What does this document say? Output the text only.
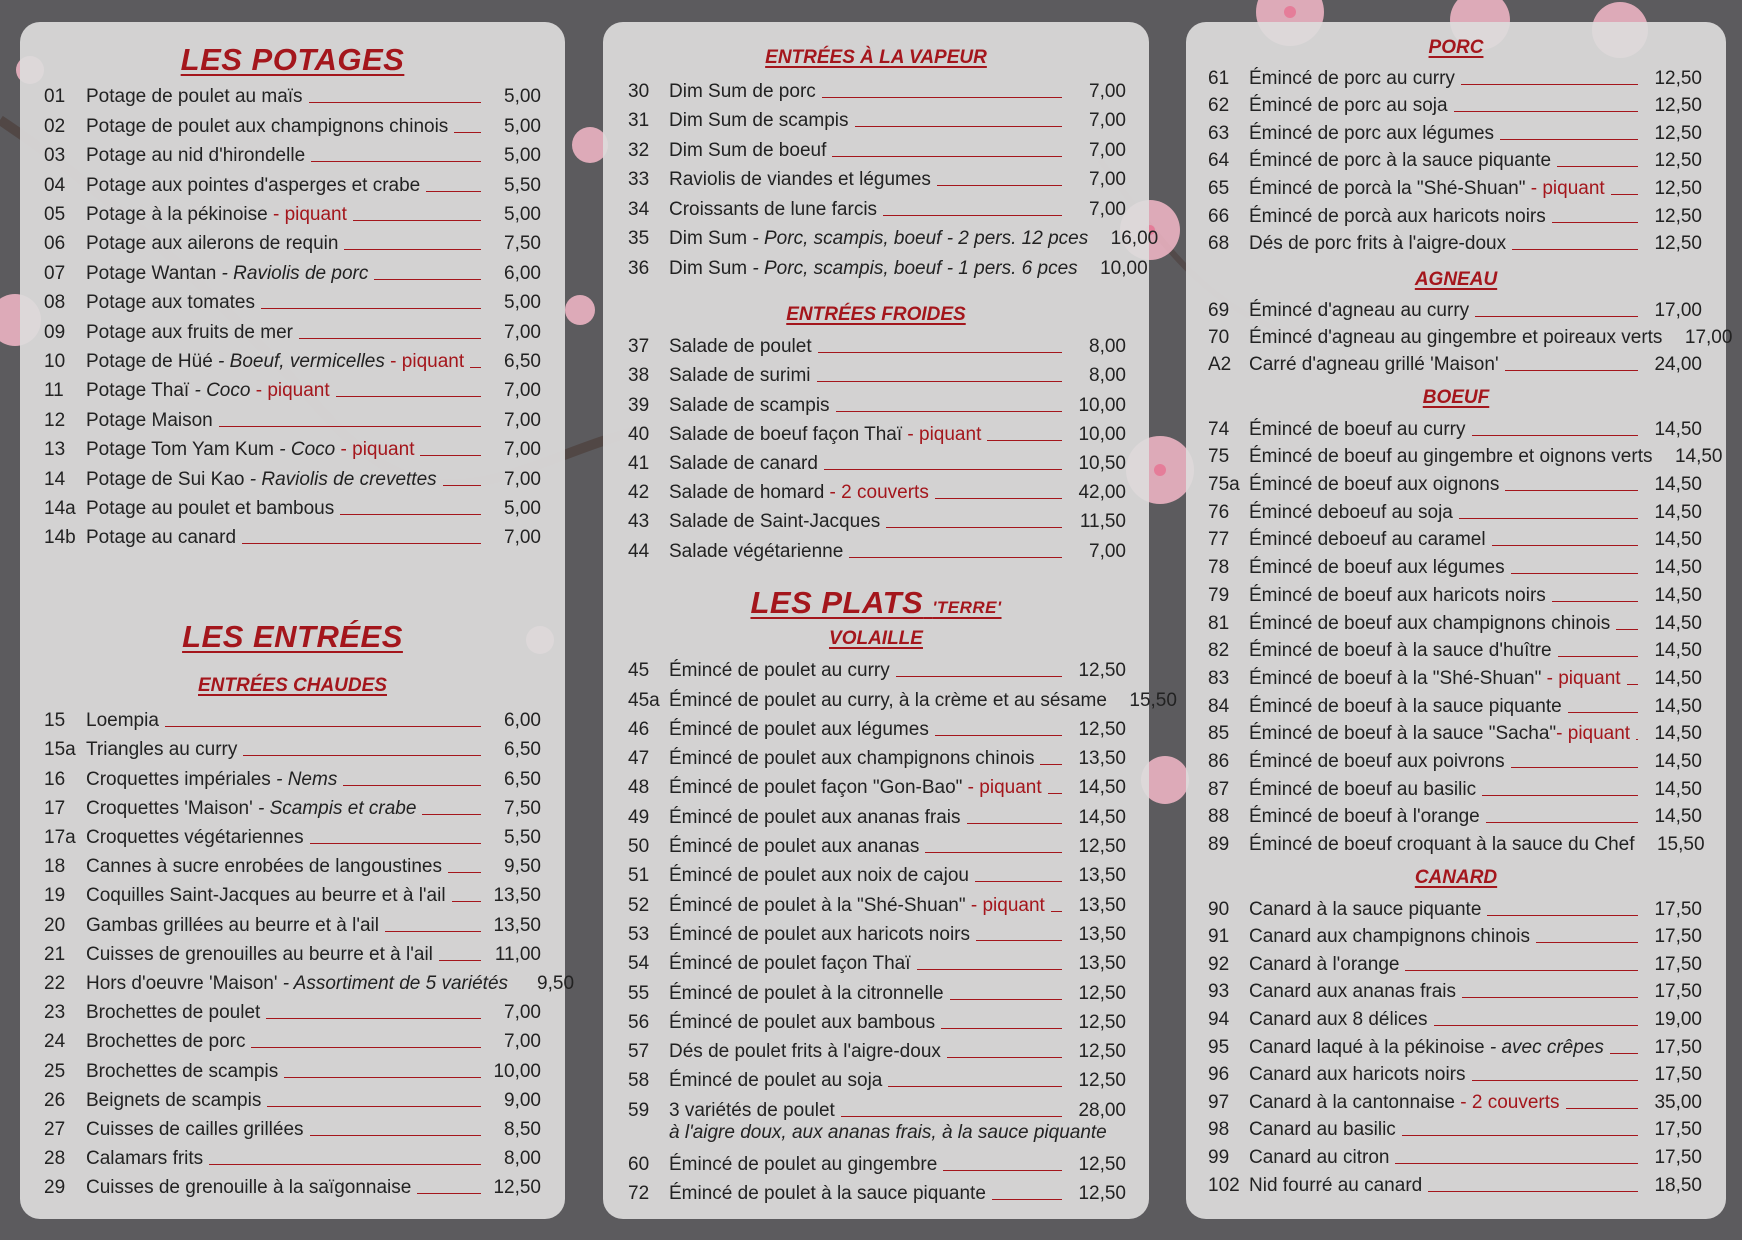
LES POTAGES
01	Potage de poulet au maïs	5,00
02	Potage de poulet aux champignons chinois	5,00
03	Potage au nid d'hirondelle	5,00
04	Potage aux pointes d'asperges et crabe	5,50
05	Potage à la pékinoise - piquant	5,00
06	Potage aux ailerons de requin	7,50
07	Potage Wantan - Raviolis de porc	6,00
08	Potage aux tomates	5,00
09	Potage aux fruits de mer	7,00
10	Potage de Hüé - Boeuf, vermicelles - piquant	6,50
11	Potage Thaï - Coco - piquant	7,00
12	Potage Maison	7,00
13	Potage Tom Yam Kum - Coco - piquant	7,00
14	Potage de Sui Kao - Raviolis de crevettes	7,00
14a Potage au poulet et bambous	5,00
14b Potage au canard	7,00
LES ENTRÉES
ENTRÉES CHAUDES
15	Loempia	6,00
15a Triangles au curry	6,50
16	Croquettes impériales - Nems	6,50
17	Croquettes 'Maison' - Scampis et crabe	7,50
17a Croquettes végétariennes	5,50
18	Cannes à sucre enrobées de langoustines	9,50
19	Coquilles Saint-Jacques au beurre et à l'ail	13,50
20	Gambas grillées au beurre et à l'ail	13,50
21	Cuisses de grenouilles au beurre et à l'ail	11,00
22	Hors d'oeuvre 'Maison' - Assortiment de 5 variétés	9,50
23	Brochettes de poulet	7,00
24	Brochettes de porc	7,00
25	Brochettes de scampis	10,00
26	Beignets de scampis	9,00
27	Cuisses de cailles grillées	8,50
28	Calamars frits	8,00
29	Cuisses de grenouille à la saïgonnaise	12,50
ENTRÉES À LA VAPEUR
30	Dim Sum de porc	7,00
31	Dim Sum de scampis	7,00
32	Dim Sum de boeuf	7,00
33	Raviolis de viandes et légumes	7,00
34	Croissants de lune farcis	7,00
35	Dim Sum - Porc, scampis, boeuf - 2 pers. 12 pces	16,00
36	Dim Sum - Porc, scampis, boeuf - 1 pers. 6 pces	10,00
ENTRÉES FROIDES
37	Salade de poulet	8,00
38	Salade de surimi	8,00
39	Salade de scampis	10,00
40	Salade de boeuf façon Thaï - piquant	10,00
41	Salade de canard	10,50
42	Salade de homard - 2 couverts	42,00
43	Salade de Saint-Jacques	11,50
44	Salade végétarienne	7,00
LES PLATS 'TERRE'
VOLAILLE
45	Émincé de poulet au curry	12,50
45a Émincé de poulet au curry, à la crème et au sésame	15,50
46	Émincé de poulet aux légumes	12,50
47	Émincé de poulet aux champignons chinois	13,50
48	Émincé de poulet façon "Gon-Bao" - piquant	14,50
49	Émincé de poulet aux ananas frais	14,50
50	Émincé de poulet aux ananas	12,50
51	Émincé de poulet aux noix de cajou	13,50
52	Émincé de poulet à la "Shé-Shuan" - piquant	13,50
53	Émincé de poulet aux haricots noirs	13,50
54	Émincé de poulet façon Thaï	13,50
55	Émincé de poulet à la citronnelle	12,50
56	Émincé de poulet aux bambous	12,50
57	Dés de poulet frits à l'aigre-doux	12,50
58	Émincé de poulet au soja	12,50
59	3 variétés de poulet	28,00
à l'aigre doux, aux ananas frais, à la sauce piquante
60	Émincé de poulet au gingembre	12,50
72	Émincé de poulet à la sauce piquante	12,50
PORC
61	Émincé de porc au curry	12,50
62	Émincé de porc au soja	12,50
63	Émincé de porc aux légumes	12,50
64	Émincé de porc à la sauce piquante	12,50
65	Émincé de porcà la "Shé-Shuan" - piquant	12,50
66	Émincé de porcà aux haricots noirs	12,50
68	Dés de porc frits à l'aigre-doux	12,50
AGNEAU
69	Émincé d'agneau au curry	17,00
70	Émincé d'agneau au gingembre et poireaux verts	17,00
A2 Carré d'agneau grillé 'Maison'	24,00
BOEUF
74	Émincé de boeuf au curry	14,50
75	Émincé de boeuf au gingembre et oignons verts	14,50
75a Émincé de boeuf aux oignons	14,50
76	Émincé deboeuf au soja	14,50
77	Émincé deboeuf au caramel	14,50
78	Émincé de boeuf aux légumes	14,50
79	Émincé de boeuf aux haricots noirs	14,50
81	Émincé de boeuf aux champignons chinois	14,50
82	Émincé de boeuf à la sauce d'huître	14,50
83	Émincé de boeuf à la "Shé-Shuan" - piquant	14,50
84	Émincé de boeuf à la sauce piquante	14,50
85	Émincé de boeuf à la sauce "Sacha"- piquant	14,50
86	Émincé de boeuf aux poivrons	14,50
87	Émincé de boeuf au basilic	14,50
88	Émincé de boeuf à l'orange	14,50
89	Émincé de boeuf croquant à la sauce du Chef	15,50
CANARD
90	Canard à la sauce piquante	17,50
91	Canard aux champignons chinois	17,50
92	Canard à l'orange	17,50
93	Canard aux ananas frais	17,50
94	Canard aux 8 délices	19,00
95	Canard laqué à la pékinoise - avec crêpes	17,50
96	Canard aux haricots noirs	17,50
97	Canard à la cantonnaise - 2 couverts	35,00
98	Canard au basilic	17,50
99	Canard au citron	17,50
102 Nid fourré au canard	18,50
